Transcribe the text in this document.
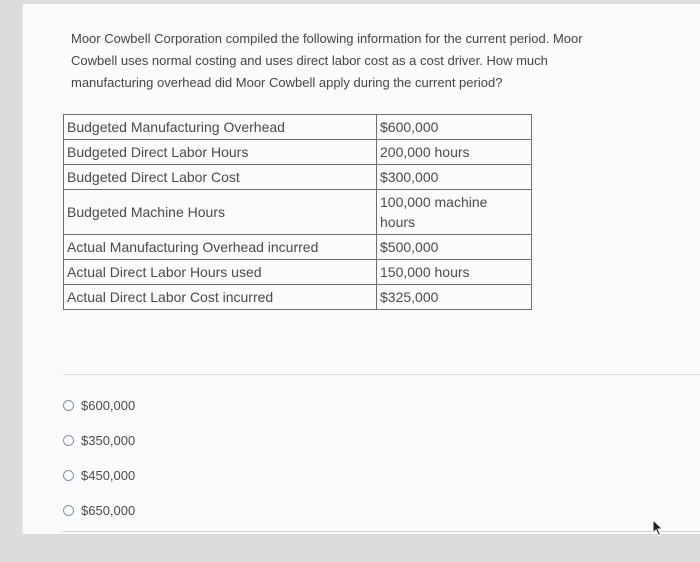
Moor Cowbell Corporation compiled the following information for the current period. Moor
Cowbell uses normal costing and uses direct labor cost as a cost driver. How much
manufacturing overhead did Moor Cowbell apply during the current period?
Budgeted Manufacturing Overhead	$600,000
Budgeted Direct Labor Hours	200,000 hours
Budgeted Direct Labor Cost	$300,000
Budgeted Machine Hours	100,000 machine
hours

Actual Manufacturing Overhead incurred	$500,000
Actual Direct Labor Hours used	150,000 hours
Actual Direct Labor Cost incurred	$325,000
$600,000
$350,000
$450,000
$650,000
